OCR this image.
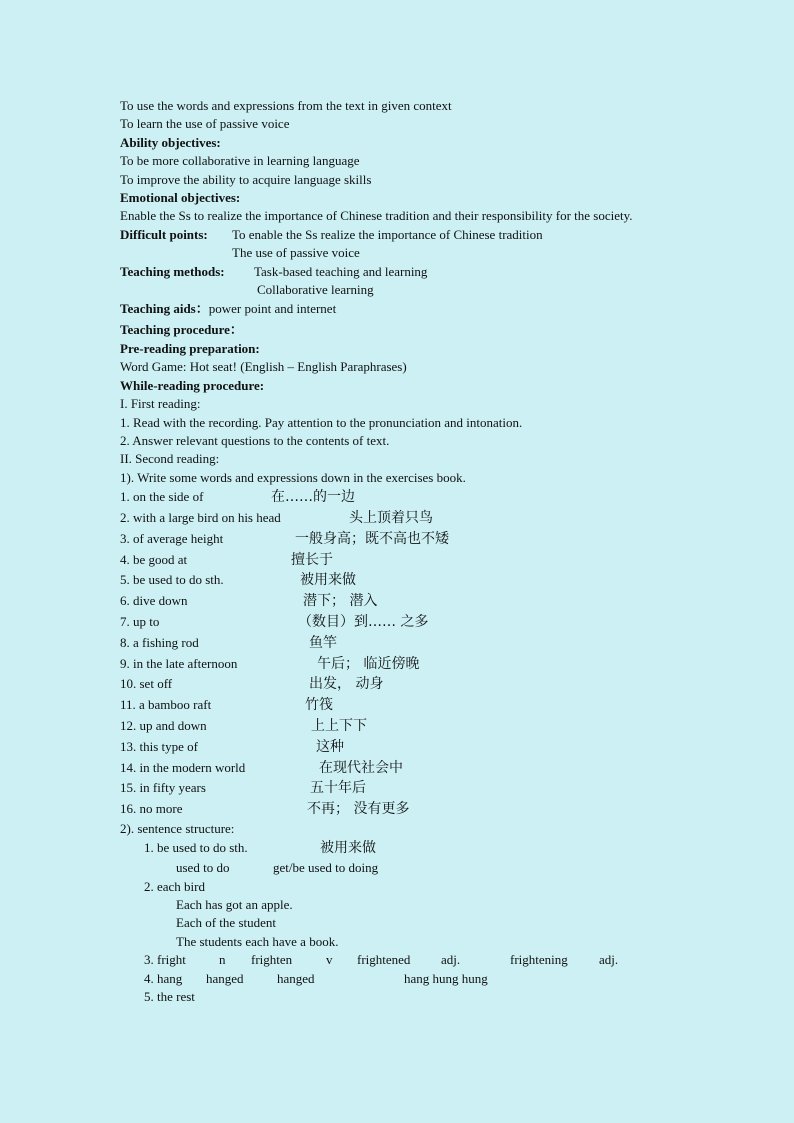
To use the words and expressions from the text in given context
To learn the use of passive voice
Ability objectives:
To be more collaborative in learning language
To improve the ability to acquire language skills
Emotional objectives:
Enable the Ss to realize the importance of Chinese tradition and their responsibility for the society.
Difficult points: To enable the Ss realize the importance of Chinese tradition
The use of passive voice
Teaching methods: Task-based teaching and learning
Collaborative learning
Teaching aids：power point and internet
Teaching procedure：
Pre-reading preparation:
Word Game: Hot seat! (English – English Paraphrases)
While-reading procedure:
I. First reading:
1. Read with the recording. Pay attention to the pronunciation and intonation.
2. Answer relevant questions to the contents of text.
II. Second reading:
1). Write some words and expressions down in the exercises book.
1. on the side of	在……的一边
2. with a large bird on his head	头上顶着只鸟
3. of average height	一般身高；既不高也不矮
4. be good at	擅长于
5. be used to do sth.	被用来做
6. dive down	潜下； 潜入
7. up to	（数目）到…… 之多
8. a fishing rod	鱼竿
9. in the late afternoon	午后； 临近傍晚
10. set off	出发， 动身
11. a bamboo raft	竹筏
12. up and down	上上下下
13. this type of	这种
14. in the modern world	在现代社会中
15. in fifty years	五十年后
16. no more	不再； 没有更多
2). sentence structure:
1. be used to do sth.	被用来做
used to do	get/be used to doing
2. each bird
Each has got an apple.
Each of the student
The students each have a book.
3. fright	n frighten	v frightened adj.	frightening adj.
4. hang hanged	hanged	hang hung hung
5. the rest
